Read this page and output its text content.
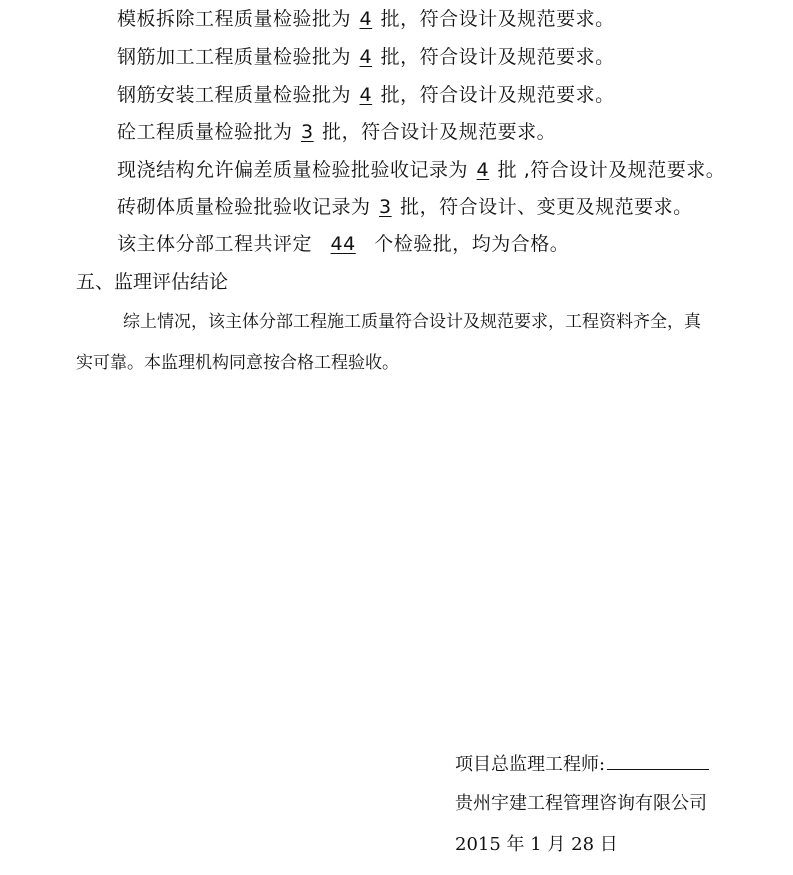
模板拆除工程质量检验批为 4 批，符合设计及规范要求。
钢筋加工工程质量检验批为 4 批，符合设计及规范要求。
钢筋安装工程质量检验批为 4 批，符合设计及规范要求。
砼工程质量检验批为 3 批，符合设计及规范要求。
现浇结构允许偏差质量检验批验收记录为 4 批 ,符合设计及规范要求。
砖砌体质量检验批验收记录为 3 批，符合设计、变更及规范要求。
该主体分部工程共评定 44 个检验批，均为合格。
五、监理评估结论
综上情况，该主体分部工程施工质量符合设计及规范要求，工程资料齐全，真
实可靠。本监理机构同意按合格工程验收。
项目总监理工程师:
贵州宇建工程管理咨询有限公司
2015 年 1 月 28 日
